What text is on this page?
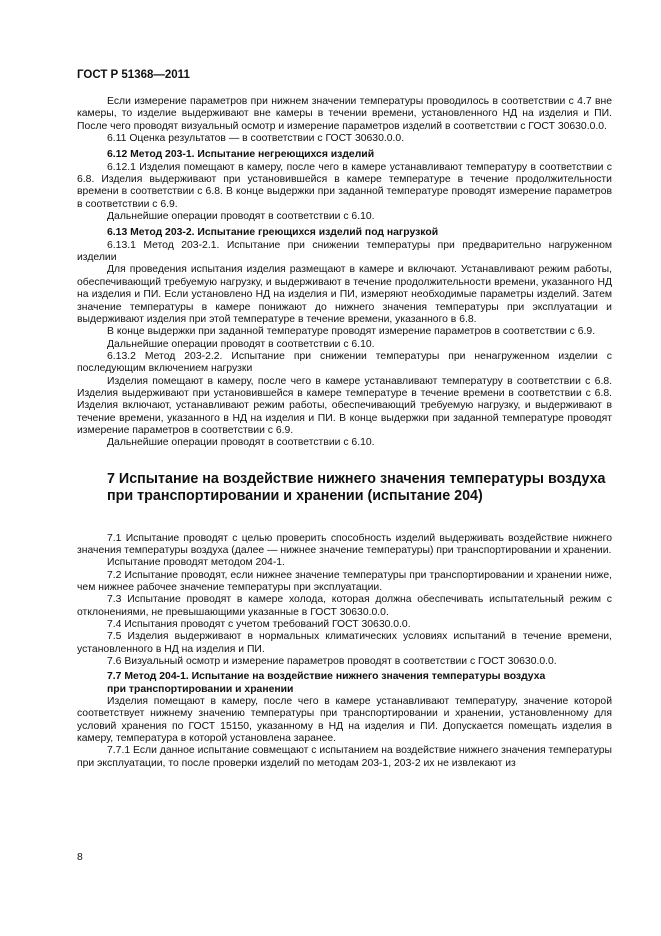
ГОСТ Р 51368—2011

Если измерение параметров при нижнем значении температуры проводилось в соответствии с 4.7 вне камеры, то изделие выдерживают вне камеры в течении времени, установленного НД на изделия и ПИ. После чего проводят визуальный осмотр и измерение параметров изделий в соответствии с ГОСТ 30630.0.0.

6.11 Оценка результатов — в соответствии с ГОСТ 30630.0.0.

6.12 Метод 203-1. Испытание негреющихся изделий

6.12.1 Изделия помещают в камеру, после чего в камере устанавливают температуру в соответствии с 6.8. Изделия выдерживают при установившейся в камере температуре в течение продолжительности времени в соответствии с 6.8. В конце выдержки при заданной температуре проводят измерение параметров в соответствии с 6.9.

Дальнейшие операции проводят в соответствии с 6.10.

6.13 Метод 203-2. Испытание греющихся изделий под нагрузкой

6.13.1 Метод 203-2.1. Испытание при снижении температуры при предварительно нагруженном изделии

Для проведения испытания изделия размещают в камере и включают. Устанавливают режим работы, обеспечивающий требуемую нагрузку, и выдерживают в течение продолжительности времени, указанного НД на изделия и ПИ. Если установлено НД на изделия и ПИ, измеряют необходимые параметры изделий. Затем значение температуры в камере понижают до нижнего значения температуры при эксплуатации и выдерживают изделия при этой температуре в течение времени, указанного в 6.8.

В конце выдержки при заданной температуре проводят измерение параметров в соответствии с 6.9.

Дальнейшие операции проводят в соответствии с 6.10.

6.13.2 Метод 203-2.2. Испытание при снижении температуры при ненагруженном изделии с последующим включением нагрузки

Изделия помещают в камеру, после чего в камере устанавливают температуру в соответствии с 6.8. Изделия выдерживают при установившейся в камере температуре в течение времени в соответствии с 6.8. Изделия включают, устанавливают режим работы, обеспечивающий требуемую нагрузку, и выдерживают в течение времени, указанного в НД на изделия и ПИ. В конце выдержки при заданной температуре проводят измерение параметров в соответствии с 6.9.

Дальнейшие операции проводят в соответствии с 6.10.

7 Испытание на воздействие нижнего значения температуры воздуха при транспортировании и хранении (испытание 204)

7.1 Испытание проводят с целью проверить способность изделий выдерживать воздействие нижнего значения температуры воздуха (далее — нижнее значение температуры) при транспортировании и хранении.

Испытание проводят методом 204-1.

7.2 Испытание проводят, если нижнее значение температуры при транспортировании и хранении ниже, чем нижнее рабочее значение температуры при эксплуатации.

7.3 Испытание проводят в камере холода, которая должна обеспечивать испытательный режим с отклонениями, не превышающими указанные в ГОСТ 30630.0.0.

7.4 Испытания проводят с учетом требований ГОСТ 30630.0.0.

7.5 Изделия выдерживают в нормальных климатических условиях испытаний в течение времени, установленного в НД на изделия и ПИ.

7.6 Визуальный осмотр и измерение параметров проводят в соответствии с ГОСТ 30630.0.0.

7.7 Метод 204-1. Испытание на воздействие нижнего значения температуры воздуха
при транспортировании и хранении

Изделия помещают в камеру, после чего в камере устанавливают температуру, значение которой соответствует нижнему значению температуры при транспортировании и хранении, установленному для условий хранения по ГОСТ 15150, указанному в НД на изделия и ПИ. Допускается помещать изделия в камеру, температура в которой установлена заранее.

7.7.1 Если данное испытание совмещают с испытанием на воздействие нижнего значения температуры при эксплуатации, то после проверки изделий по методам 203-1, 203-2 их не извлекают из

8
